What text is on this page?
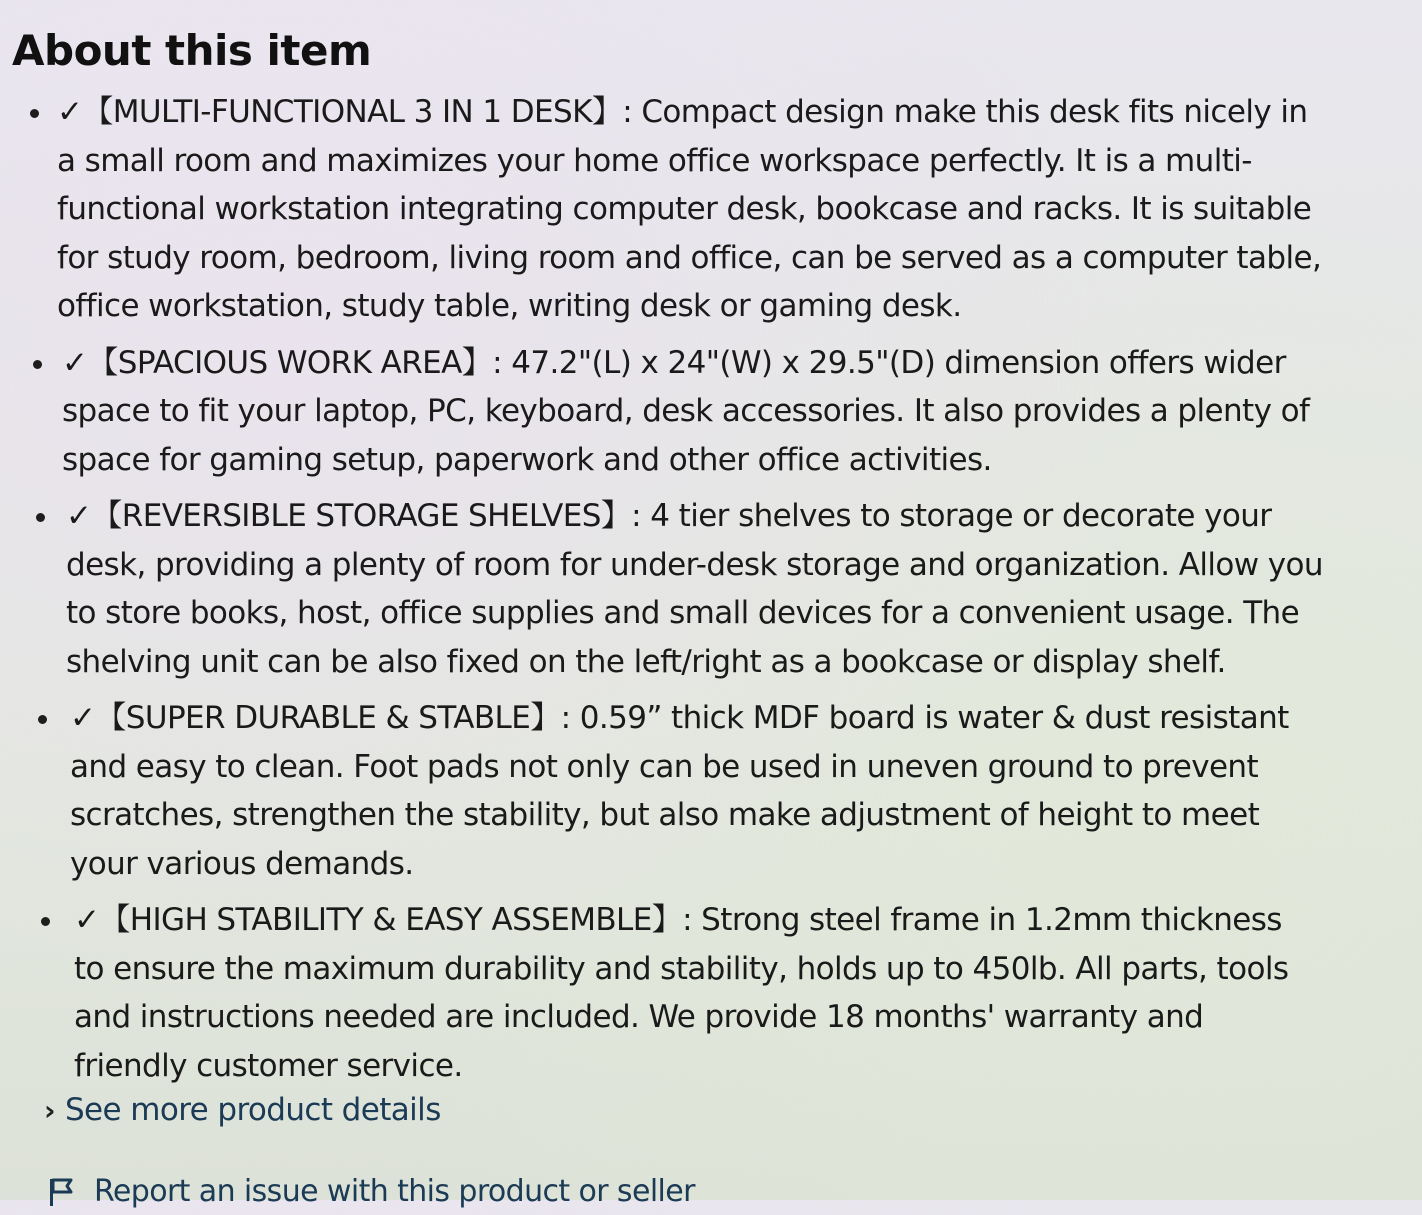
About this item
✓【MULTI-FUNCTIONAL 3 IN 1 DESK】: Compact design make this desk fits nicely in a small room and maximizes your home office workspace perfectly. It is a multi-functional workstation integrating computer desk, bookcase and racks. It is suitable for study room, bedroom, living room and office, can be served as a computer table, office workstation, study table, writing desk or gaming desk.
✓【SPACIOUS WORK AREA】: 47.2"(L) x 24"(W) x 29.5"(D) dimension offers wider space to fit your laptop, PC, keyboard, desk accessories. It also provides a plenty of space for gaming setup, paperwork and other office activities.
✓【REVERSIBLE STORAGE SHELVES】: 4 tier shelves to storage or decorate your desk, providing a plenty of room for under-desk storage and organization. Allow you to store books, host, office supplies and small devices for a convenient usage. The shelving unit can be also fixed on the left/right as a bookcase or display shelf.
✓【SUPER DURABLE & STABLE】: 0.59” thick MDF board is water & dust resistant and easy to clean. Foot pads not only can be used in uneven ground to prevent scratches, strengthen the stability, but also make adjustment of height to meet your various demands.
✓【HIGH STABILITY & EASY ASSEMBLE】: Strong steel frame in 1.2mm thickness to ensure the maximum durability and stability, holds up to 450lb. All parts, tools and instructions needed are included. We provide 18 months' warranty and friendly customer service.
› See more product details
Report an issue with this product or seller
